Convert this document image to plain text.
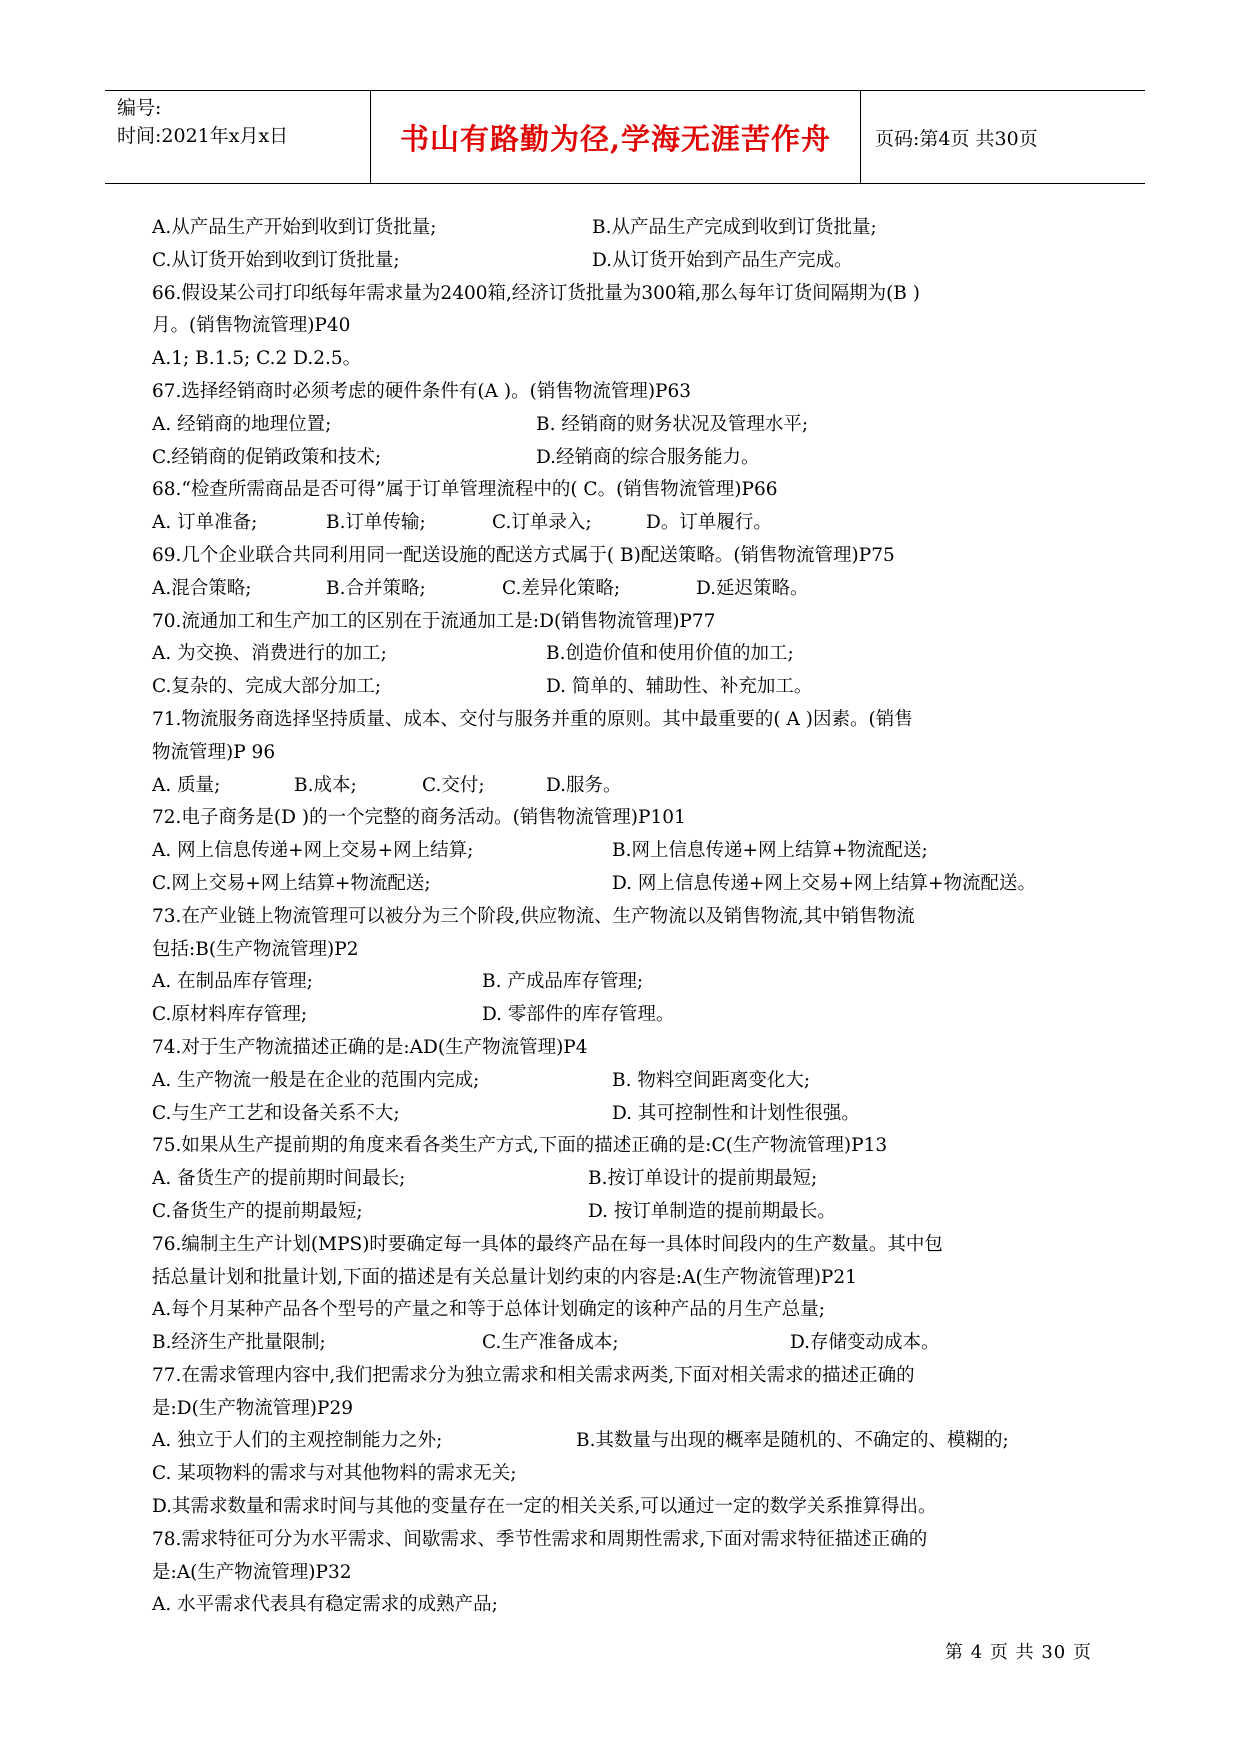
编号:
时间:2021年x月x日	书山有路勤为径,学海无涯苦作舟	页码:第4页 共30页
A.从产品生产开始到收到订货批量;	B.从产品生产完成到收到订货批量;
C.从订货开始到收到订货批量;	D.从订货开始到产品生产完成。
66.假设某公司打印纸每年需求量为2400箱,经济订货批量为300箱,那么每年订货间隔期为(B )
月。(销售物流管理)P40
A.1; B.1.5; C.2 D.2.5。
67.选择经销商时必须考虑的硬件条件有(A )。(销售物流管理)P63
A. 经销商的地理位置;	B. 经销商的财务状况及管理水平;
C.经销商的促销政策和技术;	D.经销商的综合服务能力。
68.“检查所需商品是否可得”属于订单管理流程中的( C。(销售物流管理)P66
A. 订单准备;	B.订单传输;	C.订单录入;	D。订单履行。
69.几个企业联合共同利用同一配送设施的配送方式属于( B)配送策略。(销售物流管理)P75
A.混合策略;	B.合并策略;	C.差异化策略;	D.延迟策略。
70.流通加工和生产加工的区别在于流通加工是:D(销售物流管理)P77
A. 为交换、消费进行的加工;	B.创造价值和使用价值的加工;
C.复杂的、完成大部分加工;	D. 简单的、辅助性、补充加工。
71.物流服务商选择坚持质量、成本、交付与服务并重的原则。其中最重要的( A )因素。(销售
物流管理)P 96
A. 质量;	B.成本;	C.交付;	D.服务。
72.电子商务是(D )的一个完整的商务活动。(销售物流管理)P101
A. 网上信息传递+网上交易+网上结算;	B.网上信息传递+网上结算+物流配送;
C.网上交易+网上结算+物流配送;	D. 网上信息传递+网上交易+网上结算+物流配送。
73.在产业链上物流管理可以被分为三个阶段,供应物流、生产物流以及销售物流,其中销售物流
包括:B(生产物流管理)P2
A. 在制品库存管理;	B. 产成品库存管理;
C.原材料库存管理;	D. 零部件的库存管理。
74.对于生产物流描述正确的是:AD(生产物流管理)P4
A. 生产物流一般是在企业的范围内完成;	B. 物料空间距离变化大;
C.与生产工艺和设备关系不大;	D. 其可控制性和计划性很强。
75.如果从生产提前期的角度来看各类生产方式,下面的描述正确的是:C(生产物流管理)P13
A. 备货生产的提前期时间最长;	B.按订单设计的提前期最短;
C.备货生产的提前期最短;	D. 按订单制造的提前期最长。
76.编制主生产计划(MPS)时要确定每一具体的最终产品在每一具体时间段内的生产数量。其中包
括总量计划和批量计划,下面的描述是有关总量计划约束的内容是:A(生产物流管理)P21
A.每个月某种产品各个型号的产量之和等于总体计划确定的该种产品的月生产总量;
B.经济生产批量限制;	C.生产准备成本;	D.存储变动成本。
77.在需求管理内容中,我们把需求分为独立需求和相关需求两类,下面对相关需求的描述正确的
是:D(生产物流管理)P29
A. 独立于人们的主观控制能力之外;	B.其数量与出现的概率是随机的、不确定的、模糊的;
C. 某项物料的需求与对其他物料的需求无关;
D.其需求数量和需求时间与其他的变量存在一定的相关关系,可以通过一定的数学关系推算得出。
78.需求特征可分为水平需求、间歇需求、季节性需求和周期性需求,下面对需求特征描述正确的
是:A(生产物流管理)P32
A. 水平需求代表具有稳定需求的成熟产品;
第 4 页 共 30 页
